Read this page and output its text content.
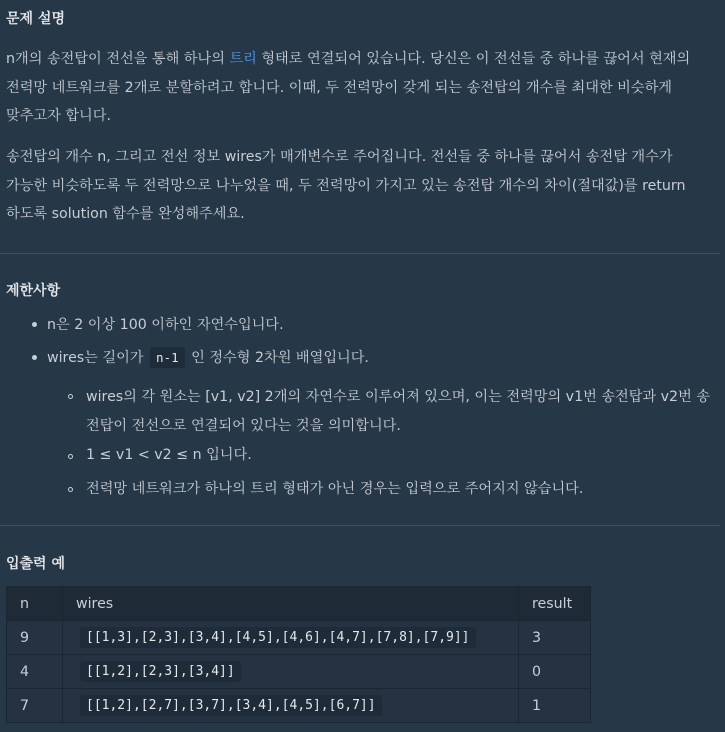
문제 설명

n개의 송전탑이 전선을 통해 하나의 트리 형태로 연결되어 있습니다. 당신은 이 전선들 중 하나를 끊어서 현재의 전력망 네트워크를 2개로 분할하려고 합니다. 이때, 두 전력망이 갖게 되는 송전탑의 개수를 최대한 비슷하게 맞추고자 합니다.

송전탑의 개수 n, 그리고 전선 정보 wires가 매개변수로 주어집니다. 전선들 중 하나를 끊어서 송전탑 개수가 가능한 비슷하도록 두 전력망으로 나누었을 때, 두 전력망이 가지고 있는 송전탑 개수의 차이(절대값)를 return 하도록 solution 함수를 완성해주세요.

제한사항
n은 2 이상 100 이하인 자연수입니다.
wires는 길이가 n-1 인 정수형 2차원 배열입니다.
wires의 각 원소는 [v1, v2] 2개의 자연수로 이루어져 있으며, 이는 전력망의 v1번 송전탑과 v2번 송전탑이 전선으로 연결되어 있다는 것을 의미합니다.
1 ≤ v1 < v2 ≤ n 입니다.
전력망 네트워크가 하나의 트리 형태가 아닌 경우는 입력으로 주어지지 않습니다.
입출력 예
n	wires	result
9	[[1,3],[2,3],[3,4],[4,5],[4,6],[4,7],[7,8],[7,9]]	3
4	[[1,2],[2,3],[3,4]]	0
7	[[1,2],[2,7],[3,7],[3,4],[4,5],[6,7]]	1
